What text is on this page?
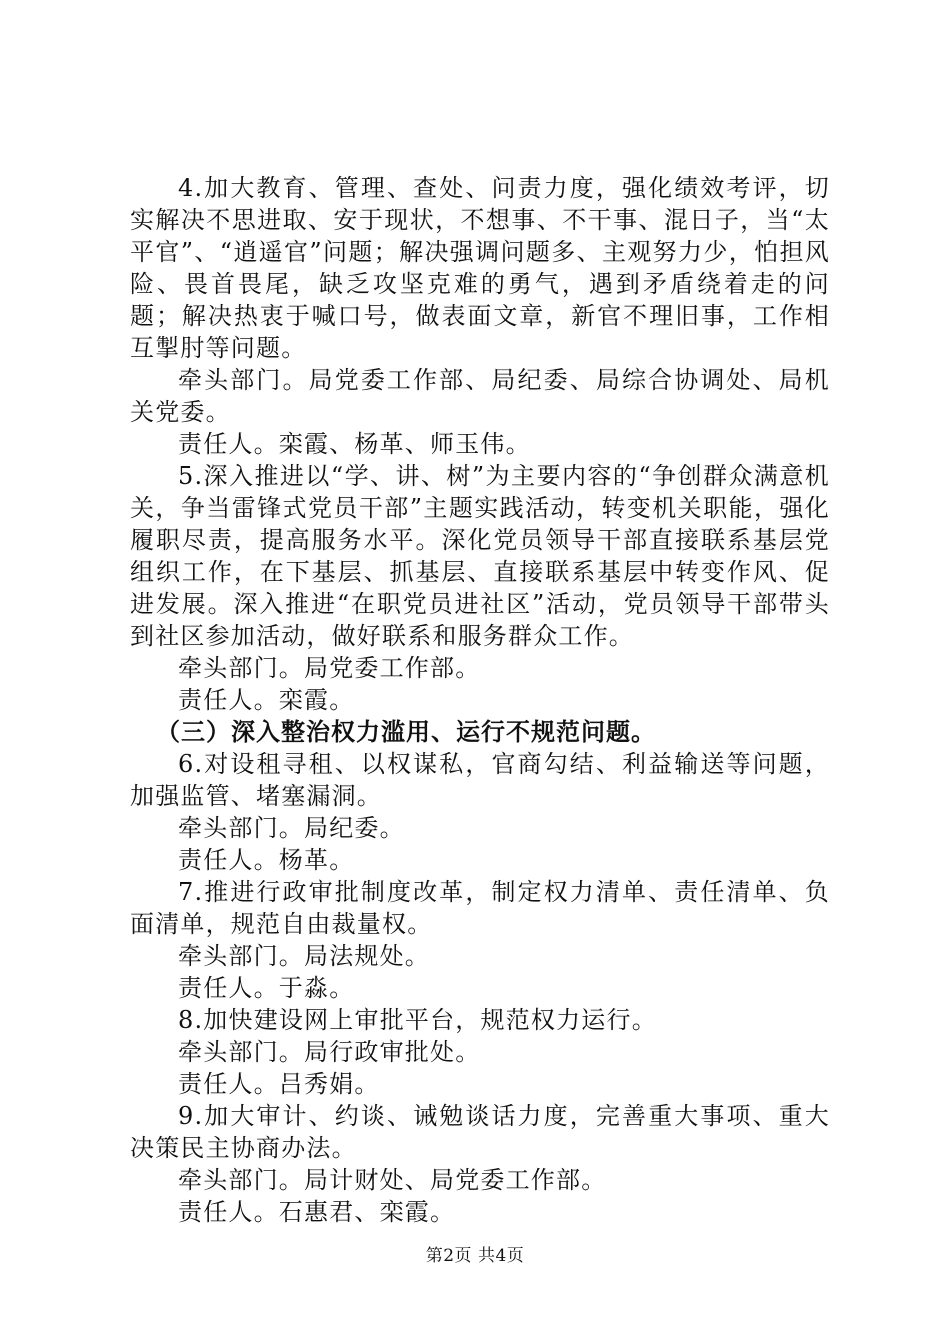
4.加大教育、管理、查处、问责力度，强化绩效考评，切实解决不思进取、安于现状，不想事、不干事、混日子，当“太平官”、“逍遥官”问题；解决强调问题多、主观努力少，怕担风险、畏首畏尾，缺乏攻坚克难的勇气，遇到矛盾绕着走的问题；解决热衷于喊口号，做表面文章，新官不理旧事，工作相互掣肘等问题。

牵头部门。局党委工作部、局纪委、局综合协调处、局机关党委。

责任人。栾霞、杨革、师玉伟。

5.深入推进以“学、讲、树”为主要内容的“争创群众满意机关，争当雷锋式党员干部”主题实践活动，转变机关职能，强化履职尽责，提高服务水平。深化党员领导干部直接联系基层党组织工作，在下基层、抓基层、直接联系基层中转变作风、促进发展。深入推进“在职党员进社区”活动，党员领导干部带头到社区参加活动，做好联系和服务群众工作。

牵头部门。局党委工作部。

责任人。栾霞。

（三）深入整治权力滥用、运行不规范问题。

6.对设租寻租、以权谋私，官商勾结、利益输送等问题，加强监管、堵塞漏洞。

牵头部门。局纪委。

责任人。杨革。

7.推进行政审批制度改革，制定权力清单、责任清单、负面清单，规范自由裁量权。

牵头部门。局法规处。

责任人。于淼。

8.加快建设网上审批平台，规范权力运行。

牵头部门。局行政审批处。

责任人。吕秀娟。

9.加大审计、约谈、诫勉谈话力度，完善重大事项、重大决策民主协商办法。

牵头部门。局计财处、局党委工作部。

责任人。石惠君、栾霞。

第2页 共4页
